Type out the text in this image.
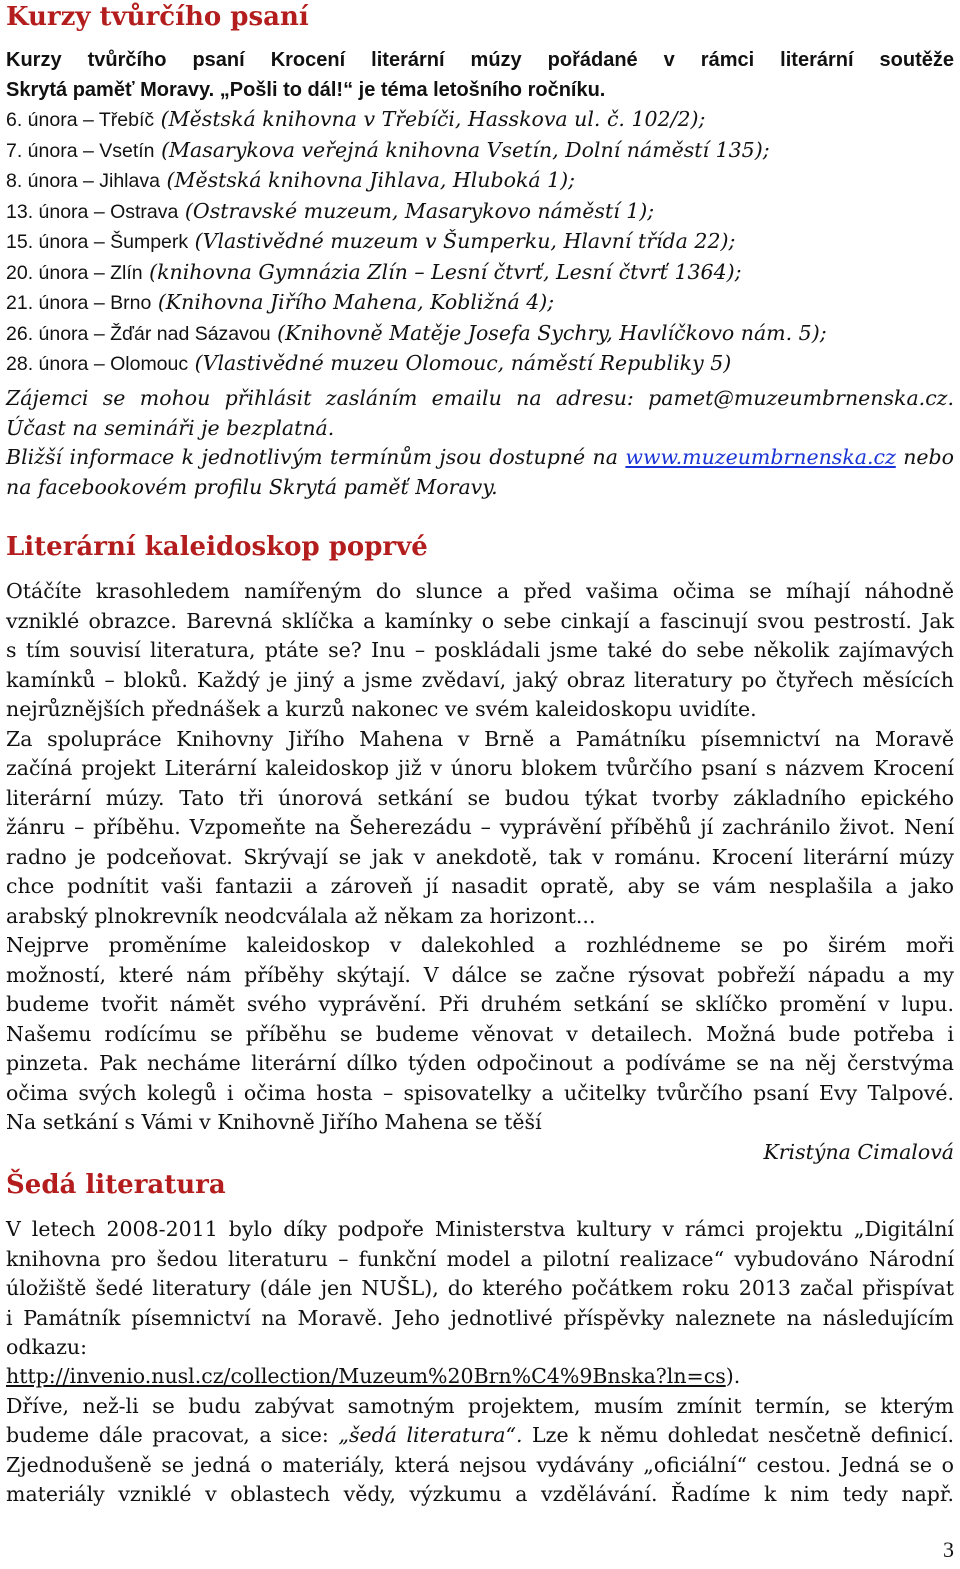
Kurzy tvůrčího psaní
Kurzy tvůrčího psaní Krocení literární múzy pořádané v rámci literární soutěže
Skrytá paměť Moravy. „Pošli to dál!“ je téma letošního ročníku.
6. února – Třebíč (Městská knihovna v Třebíči, Hasskova ul. č. 102/2);
7. února – Vsetín (Masarykova veřejná knihovna Vsetín, Dolní náměstí 135);
8. února – Jihlava (Městská knihovna Jihlava, Hluboká 1);
13. února – Ostrava (Ostravské muzeum, Masarykovo náměstí 1);
15. února – Šumperk (Vlastivědné muzeum v Šumperku, Hlavní třída 22);
20. února – Zlín (knihovna Gymnázia Zlín – Lesní čtvrť, Lesní čtvrť 1364);
21. února – Brno (Knihovna Jiřího Mahena, Kobližná 4);
26. února – Žďár nad Sázavou (Knihovně Matěje Josefa Sychry, Havlíčkovo nám. 5);
28. února – Olomouc (Vlastivědné muzeu Olomouc, náměstí Republiky 5)
Zájemci se mohou přihlásit zasláním emailu na adresu: pamet@muzeumbrnenska.cz.
Účast na semináři je bezplatná.
Bližší informace k jednotlivým termínům jsou dostupné na www.muzeumbrnenska.cz nebo
na facebookovém profilu Skrytá paměť Moravy.
Literární kaleidoskop poprvé
Otáčíte krasohledem namířeným do slunce a před vašima očima se míhají náhodně
vzniklé obrazce. Barevná sklíčka a kamínky o sebe cinkají a fascinují svou pestrostí. Jak
s tím souvisí literatura, ptáte se? Inu – poskládali jsme také do sebe několik zajímavých
kamínků – bloků. Každý je jiný a jsme zvědaví, jaký obraz literatury po čtyřech měsících
nejrůznějších přednášek a kurzů nakonec ve svém kaleidoskopu uvidíte.
Za spolupráce Knihovny Jiřího Mahena v Brně a Památníku písemnictví na Moravě
začíná projekt Literární kaleidoskop již v únoru blokem tvůrčího psaní s názvem Krocení
literární múzy. Tato tři únorová setkání se budou týkat tvorby základního epického
žánru – příběhu. Vzpomeňte na Šeherezádu – vyprávění příběhů jí zachránilo život. Není
radno je podceňovat. Skrývají se jak v anekdotě, tak v románu. Krocení literární múzy
chce podnítit vaši fantazii a zároveň jí nasadit opratě, aby se vám nesplašila a jako
arabský plnokrevník neodcválala až někam za horizont...
Nejprve proměníme kaleidoskop v dalekohled a rozhlédneme se po širém moři
možností, které nám příběhy skýtají. V dálce se začne rýsovat pobřeží nápadu a my
budeme tvořit námět svého vyprávění. Při druhém setkání se sklíčko promění v lupu.
Našemu rodícímu se příběhu se budeme věnovat v detailech. Možná bude potřeba i
pinzeta. Pak necháme literární dílko týden odpočinout a podíváme se na něj čerstvýma
očima svých kolegů i očima hosta – spisovatelky a učitelky tvůrčího psaní Evy Talpové.
Na setkání s Vámi v Knihovně Jiřího Mahena se těší
Kristýna Cimalová
Šedá literatura
V letech 2008-2011 bylo díky podpoře Ministerstva kultury v rámci projektu „Digitální
knihovna pro šedou literaturu – funkční model a pilotní realizace“ vybudováno Národní
úložiště šedé literatury (dále jen NUŠL), do kterého počátkem roku 2013 začal přispívat
i Památník písemnictví na Moravě. Jeho jednotlivé příspěvky naleznete na následujícím
odkazu:
http://invenio.nusl.cz/collection/Muzeum%20Brn%C4%9Bnska?ln=cs).
Dříve, než-li se budu zabývat samotným projektem, musím zmínit termín, se kterým
budeme dále pracovat, a sice: „šedá literatura“. Lze k němu dohledat nesčetně definicí.
Zjednodušeně se jedná o materiály, která nejsou vydávány „oficiální“ cestou. Jedná se o
materiály vzniklé v oblastech vědy, výzkumu a vzdělávání. Řadíme k nim tedy např.
3
